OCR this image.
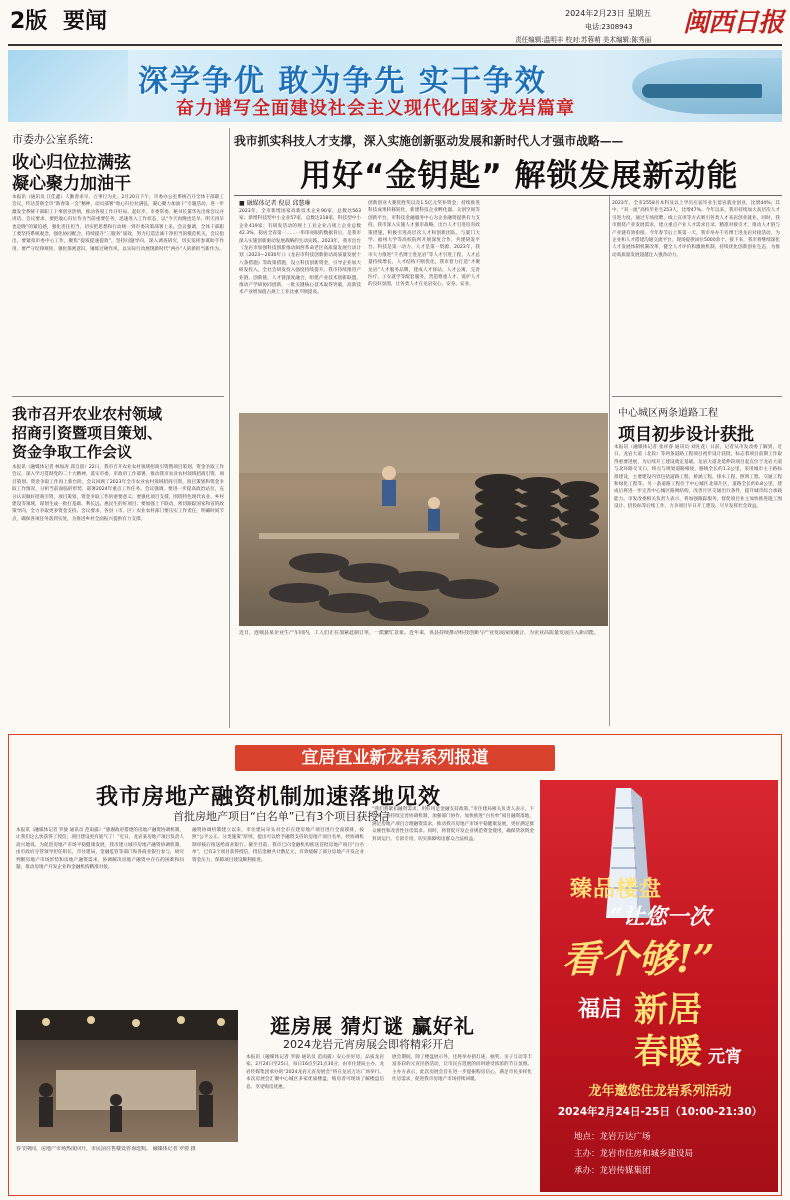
2版 要闻	2024年2月23日 星期五
电话:2308943
责任编辑:温明丰 校对:苏蓉萌 美术编辑:陈秀丽
闽西日报
深学争优 敢为争先 实干争效
奋力谱写全面建设社会主义现代化国家龙岩篇章
市委办公室系统：
收心归位拉满弦
凝心聚力加油干
本报讯（通讯员 江佳鑫）人勤春来早，万事行为先。2月20日下午，市委办公室系统召开全体干部职工会议，传达贯彻全市“新春第一会”精神，动员部署“收心归位拉满弦，凝心聚力加油干”专题活动，进一步激发全系统干部职工干事创业热情，推动各项工作开好局、起好步。市委常委、秘书长董华先出席会议并讲话。会议要求，要把收心归位作为当前重要任务，迅速进入工作状态，以“今天再晚也是早、明天再早也是晚”的紧迫感，强化责任担当，切实把思想和行动统一到市委决策部署上来。会议强调，全体干部职工要坚持系统观念，强化协同配合，持续提升“三服务”质效，努力打造忠诚干净担当的模范机关。会议指出，要紧扣市委中心工作，聚焦“提质提速提效”，坚持问题导向，深入调查研究，切实发挥参谋助手作用。要严守纪律规矩，强化保密意识，锤炼过硬作风，以实际行动展现新时代“两办”人的新担当新作为。
我市召开农业农村领域
招商引资暨项目策划、
资金争取工作会议
本报讯（融媒体记者 林加涛 邱自晨）22日，我市召开农业农村领域招商引资暨项目策划、资金争取工作会议，深入学习贯彻党的二十大精神，落实市委、市政府工作部署，推动我市农业农村领域招商引资、项目策划、资金争取工作再上新台阶。会议回顾了2023年全市农业农村领域招商引资、项目策划和资金争取工作情况，分析当前面临的形势，部署2024年重点工作任务。会议强调，要进一步提高政治站位，充分认识做好招商引资、项目策划、资金争取工作的重要意义；要强化项目支撑，围绕特色现代农业、乡村建设等领域，谋划生成一批打基础、利长远、惠民生的好项目；要加强上下联动，密切跟踪国家和省的政策导向，全力争取更多资金支持。会议要求，各县（市、区）农业农村部门要压实工作责任，明确时间节点，确保各项任务落到实处，为推进乡村全面振兴提供有力支撑。
我市抓实科技人才支撑，深入实施创新驱动发展和新时代人才强市战略——
用好“金钥匙” 解锁发展新动能
■ 融媒体记者 倪晨 邱慧琳
2023年，全市新增国家高新技术企业90家，总数达563家；新增科技型中小企业57家，总数达218家，科技型中小企业419家；有研发活动的规上工业企业占规上企业总数42.3%，稳居全省第一……一串串亮眼的数据背后，是我市深入实施创新驱动发展战略的生动实践。2023年，我市出台《龙岩市加强科技创新推动闽西革命老区高质量发展行动计划（2023—2030年）》《龙岩市科技创新驱动高质量发展十八条措施》等政策措施，设立科技创新资金，引导企业加大研发投入，全社会研发投入强度持续提升。我市持续推进产业链、创新链、人才链深度融合，组建产业技术创新联盟，推动产学研协同创新，一批关键核心技术取得突破，高新技术产业增加值占规上工业比重不断提高。
创新创业大赛优胜奖以及1.5亿元奖补资金；持续推进科技成果转移转化，新建科技企业孵化器、众创空间等创新平台，市科技金融服务中心为企业融资提供有力支持。我市深入实施人才强市战略，出台人才引进培育政策措施，积极引进高层次人才和创新团队，与厦门大学、福州大学等高校院所开展深度合作，共建研发平台。科技是第一动力、人才是第一资源。2023年，我市大力推进“千名博士进龙岩”等人才引进工程，人才总量持续增长，人才结构不断优化。我市着力打造“才聚龙岩”人才服务品牌，建成人才驿站、人才公寓，完善医疗、子女就学等配套服务，营造尊重人才、爱护人才的良好氛围，让各类人才在龙岩安心、安身、安业。
2023年，全市2558名本科及以上学历应届毕业生留岩就业创业，比增44%；其中，“双一流”高校毕业生253人，比增47%。今年以来，我市持续加大高层次人才引进力度，通过专场招聘、线上宣讲等方式吸引各类人才来岩创业就业。同时，我市围绕产业发展需求，建立重点产业人才需求目录，精准对接引才，推动人才链与产业链有效衔接。今年春节后上班第一天，我市举办千名博士进龙岩对接活动，为企业和人才搭建沟通交流平台，现场提供岗位5000余个。接下来，我市将继续深化人才发展体制机制改革，健全人才评价和激励机制，持续优化创新创业生态，为推动高质量发展超越注入强劲动力。
近日，连城县某企业生产车间内，工人们正在加紧赶制订单，一派繁忙景象。近年来，该县持续推动科技创新与产业发展深度融合，为企业高质量发展注入新动能。
中心城区两条道路工程
项目初步设计获批
本报讯（融媒体记者 张祥睿 通讯员 刘礼花）日前，记者从市发改委了解到，近日，龙岩大道（北段）等两条道路工程项目初步设计获批，标志着项目前期工作取得重要进展，为后续开工建设奠定基础。龙岩大道北延伸段项目起点位于龙岩大道与北环路交叉口，终点与规划道路相接，路线全长约1.2公里，采用城市主干路标准建设，主要建设内容包括道路工程、桥涵工程、排水工程、照明工程、交通工程和绿化工程等。另一条道路工程位于中心城区北部片区，道路全长约0.8公里，建成后将进一步完善中心城区路网结构，改善片区交通出行条件，提升城市综合承载能力。市发改委相关负责人表示，将加强跟踪服务，督促项目业主加快推进施工图设计、招投标等后续工作，力争项目早日开工建设，尽早发挥社会效益。
宜居宜业新龙岩系列报道
我市房地产融资机制加速落地见效
首批房地产项目“白名单”已有3个项目获授信
本报讯（融媒体记者 罗骏 通讯员 范雨露）“感谢政府搭建的房地产融资协调机制，让我们这么快获得了授信，项目建设更有底气了！”近日，龙岩某房地产项目负责人高兴地说。为促进房地产市场平稳健康发展，我市建立城市房地产融资协调机制，由市政府分管领导担任组长，市住建局、金融监管等部门和各商业银行参与，研究判断房地产市场形势和房地产融资需求，协调解决房地产融资中存在的困难和问题，推动房地产开发企业和金融机构精准对接。
融资协调机制建立以来，市住建局牵头对全市在建房地产项目进行全面摸排，按照“公平公正、分类施策”原则，提出可以给予融资支持的房地产项目名单，经协调机制审核后推送给商业银行。截至目前，我市已向金融机构推送首批房地产项目“白名单”，已有3个项目获得授信，授信金额共计数亿元，有效缓解了部分房地产开发企业资金压力，保障项目建设顺利推进。
“我们将紧扣融资需求，用好用足金融支持政策，”市住建局相关负责人表示，下一步，将持续完善协调机制，加强部门协作，加快推进“白名单”项目融资落地，满足房地产项目合理融资需求，推动我市房地产市场平稳健康发展，更好满足群众刚性和改善性住房需求。同时，将督促开发企业规范资金使用，确保贷款资金封闭运行、专款专用，切实保障购房群众合法权益。
逛房展 猜灯谜 赢好礼
2024龙岩元宵房展会即将精彩开启
春节期间，房地产市场热度回升，市民前往售楼处咨询选购。 融媒体记者 罗骏 摄
本报讯（融媒体记者 罗骏 通讯员 范雨露）安心住好房，品质龙岩家。2月24日至25日，每日16点至21点30分，由市住建局主办、龙岩传媒集团承办的“2024龙岩元宵房展会”将在龙岩万达广场举行。本次房展会汇聚中心城区多家优质楼盘，购房者可现场了解楼盘信息、享受购房优惠。
展会期间，除了楼盘展示外，还将举办猜灯谜、抽奖、亲子互动等丰富多彩的元宵民俗活动，让市民在逛展的同时感受浓浓的节日氛围。主办方表示，此次房展会旨在进一步提振购房信心，满足市民多样化住房需求，促进我市房地产市场持续回暖。
臻品楼盘
“让您一次
看个够!”
福启 新居
春暖 元宵
龙年邀您住龙岩系列活动
2024年2月24日-25日（10:00-21:30）
地点：龙岩万达广场
主办：龙岩市住房和城乡建设局
承办：龙岩传媒集团
